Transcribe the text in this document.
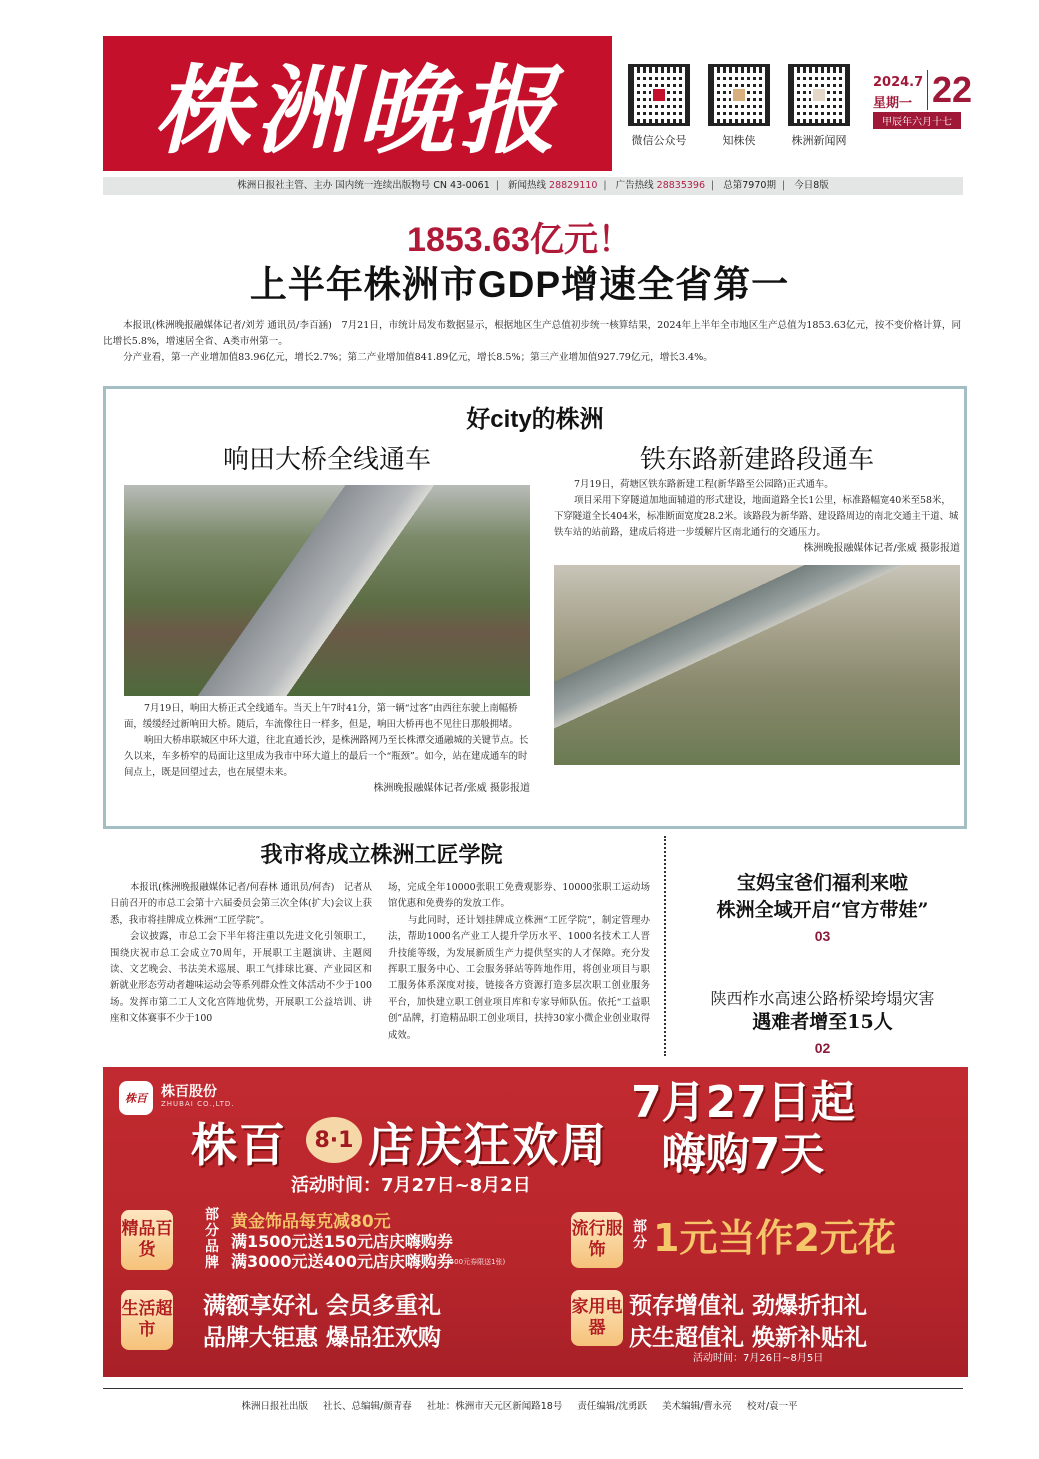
株洲晚报	微信公众号	知株侠	株洲新闻网
2024.7
星期一 22
甲辰年六月十七
株洲日报社主管、主办 国内统一连续出版物号 CN 43-0061 | 新闻热线 28829110 | 广告热线 28835396 | 总第7970期 | 今日8版
1853.63亿元！
上半年株洲市GDP增速全省第一

本报讯(株洲晚报融媒体记者/刘芳 通讯员/李百涵)　7月21日，市统计局发布数据显示，根据地区生产总值初步统一核算结果，2024年上半年全市地区生产总值为1853.63亿元，按不变价格计算，同比增长5.8%，增速居全省、A类市州第一。

分产业看，第一产业增加值83.96亿元，增长2.7%；第二产业增加值841.89亿元，增长8.5%；第三产业增加值927.79亿元，增长3.4%。

好city的株洲
响田大桥全线通车	铁东路新建路段通车

7月19日，响田大桥正式全线通车。当天上午7时41分，第一辆“过客”由西往东驶上南幅桥面，缓缓经过新响田大桥。随后，车流像往日一样多，但是，响田大桥再也不见往日那般拥堵。

响田大桥串联城区中环大道，往北直通长沙，是株洲路网乃至长株潭交通融城的关键节点。长久以来，车多桥窄的局面让这里成为我市中环大道上的最后一个“瓶颈”。如今，站在建成通车的时间点上，既是回望过去，也在展望未来。

株洲晚报融媒体记者/张威 摄影报道

7月19日，荷塘区铁东路新建工程(新华路至公园路)正式通车。

项目采用下穿隧道加地面辅道的形式建设，地面道路全长1公里，标准路幅宽40米至58米，下穿隧道全长404米，标准断面宽度28.2米。该路段为新华路、建设路周边的南北交通主干道、城铁车站的站前路，建成后将进一步缓解片区南北通行的交通压力。

株洲晚报融媒体记者/张威 摄影报道
我市将成立株洲工匠学院

本报讯(株洲晚报融媒体记者/何春林 通讯员/何杏)　记者从日前召开的市总工会第十六届委员会第三次全体(扩大)会议上获悉，我市将挂牌成立株洲“工匠学院”。

会议披露，市总工会下半年将注重以先进文化引领职工，围绕庆祝市总工会成立70周年，开展职工主题演讲、主题阅读、文艺晚会、书法美术巡展、职工气排球比赛、产业园区和新就业形态劳动者趣味运动会等系列群众性文体活动不少于100场。发挥市第二工人文化宫阵地优势，开展职工公益培训、讲座和文体赛事不少于100

场，完成全年10000张职工免费观影券、10000张职工运动场馆优惠和免费券的发放工作。

与此同时，还计划挂牌成立株洲“工匠学院”，制定管理办法，帮助1000名产业工人提升学历水平、1000名技术工人晋升技能等级，为发展新质生产力提供坚实的人才保障。充分发挥职工服务中心、工会服务驿站等阵地作用，将创业项目与职工服务体系深度对接，链接各方资源打造多层次职工创业服务平台，加快建立职工创业项目库和专家导师队伍。依托“工益职创”品牌，打造精品职工创业项目，扶持30家小微企业创业取得成效。

宝妈宝爸们福利来啦
株洲全域开启“官方带娃”
03
陕西柞水高速公路桥梁垮塌灾害
遇难者增至15人
02
株百	株百股份
ZHUBAI CO.,LTD.
株百	8·1 店庆狂欢周
活动时间：7月27日~8月2日
7月27日起
嗨购7天
精品百货
部分品牌
黄金饰品每克减80元
满1500元送150元店庆嗨购券
满3000元送400元店庆嗨购券
(400元券限送1张)
流行服饰
部分 1元当作2元花
生活超市
满额享好礼 会员多重礼
品牌大钜惠 爆品狂欢购
家用电器
预存增值礼 劲爆折扣礼
庆生超值礼 焕新补贴礼
活动时间：7月26日~8月5日
株洲日报社出版 社长、总编辑/颜青春 社址：株洲市天元区新闻路18号 责任编辑/沈勇跃 美术编辑/曹永亮 校对/袁一平
